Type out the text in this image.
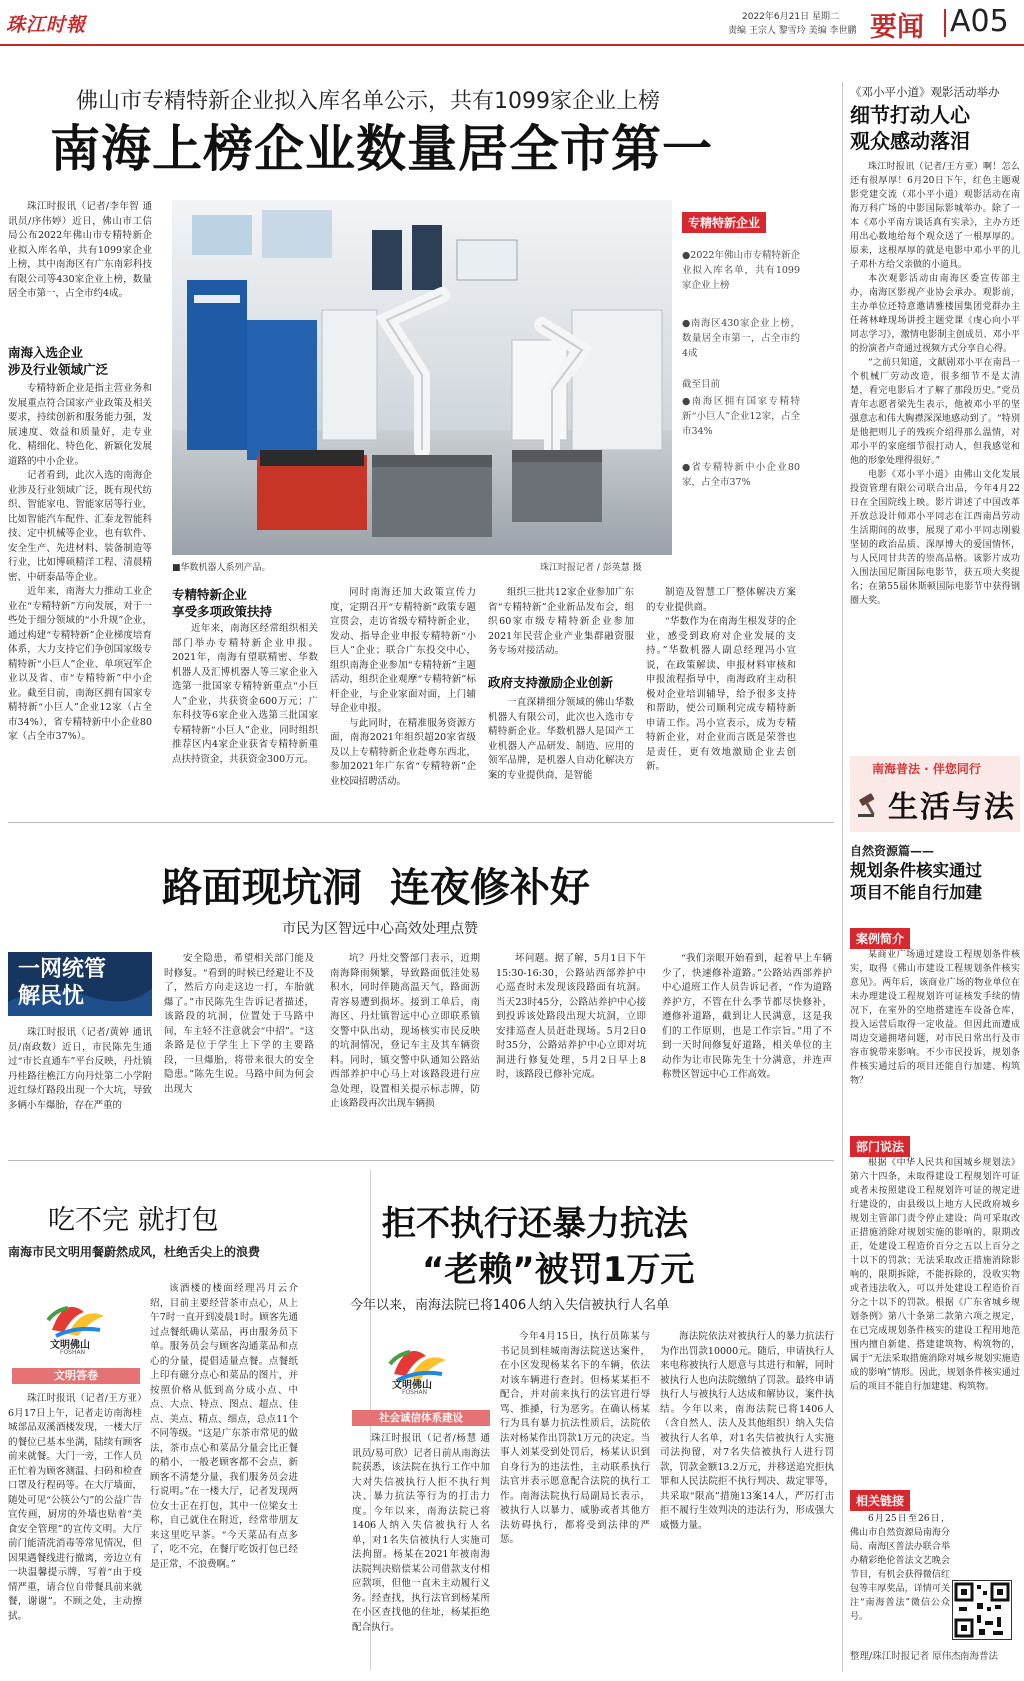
珠江时報	2022年6月21日 星期二
责编 王宗人 黎雪玲 美编 李世鹏 要闻 A05
佛山市专精特新企业拟入库名单公示，共有1099家企业上榜
南海上榜企业数量居全市第一

珠江时报讯（记者/李年智 通讯员/序伟婷）近日，佛山市工信局公布2022年佛山市专精特新企业拟入库名单，共有1099家企业上榜，其中南海区有广东南彩科技有限公司等430家企业上榜，数量居全市第一，占全市约4成。

南海入选企业
涉及行业领域广泛

专精特新企业是指主营业务和发展重点符合国家产业政策及相关要求，持续创新和服务能力强，发展速度、效益和质量好，走专业化、精细化、特色化、新颖化发展道路的中小企业。

记者看到，此次入选的南海企业涉及行业领域广泛，既有现代纺织、智能家电、智能家居等行业，比如智能汽车配件、汇泰龙智能科技、定中机械等企业，也有软件、安全生产、先进材料、装备制造等行业，比如博硕精洋工程、清晨精密、中研泰晶等企业。

近年来，南海大力推动工业企业在“专精特新”方向发展，对于一些处于细分领域的“小升规”企业，通过构建“专精特新”企业梯度培育体系，大力支持它们争创国家级专精特新“小巨人”企业、单项冠军企业以及省、市“专精特新”中小企业。截至目前，南海区拥有国家专精特新“小巨人”企业12家（占全市34%），省专精特新中小企业80家（占全市37%）。

■华数机器人系列产品。	珠江时报记者 / 彭英慧 摄
专精特新企业
●2022年佛山市专精特新企业拟入库名单，共有1099家企业上榜
●南海区430家企业上榜，数量居全市第一，占全市约4成
截至目前
●南海区拥有国家专精特新“小巨人”企业12家，占全市34%
●省专精特新中小企业80家，占全市37%
专精特新企业
享受多项政策扶持

近年来，南海区经常组织相关部门举办专精特新企业申报。2021年，南海有望联精密、华数机器人及汇博机器人等三家企业入选第一批国家专精特新重点“小巨人”企业，共获资金600万元；广东科技等6家企业入选第三批国家专精特新“小巨人”企业，同时组织推荐区内4家企业获省专精特新重点扶持资金，共获资金300万元。

同时南海还加大政策宣传力度，定期召开“专精特新”政策专题宣贯会，走访省级专精特新企业，发动、指导企业申报专精特新“小巨人”企业；联合广东投交中心，组织南海企业参加“专精特新”主题活动，组织企业观摩“专精特新”标杆企业，与企业家面对面，上门辅导企业申报。

与此同时，在精准服务资源方面，南海2021年组织超20家省级及以上专精特新企业赴粤东西北，参加2021年广东省“专精特新”企业校园招聘活动。

组织三批共12家企业参加广东省“专精特新”企业新品发布会，组织60家市级专精特新企业参加2021年民营企业产业集群融资服务专场对接活动。

政府支持激励企业创新

一直深耕细分领域的佛山华数机器人有限公司，此次也入选市专精特新企业。华数机器人是国产工业机器人产品研发、制造、应用的领军品牌，是机器人自动化解决方案的专业提供商，是智能

制造及智慧工厂整体解决方案的专业提供商。

“华数作为在南海生根发芽的企业，感受到政府对企业发展的支持。”华数机器人副总经理冯小宣说，在政策解读、申报材料审核和申报流程指导中，南海政府主动积极对企业培训辅导，给予很多支持和帮助，使公司顺利完成专精特新申请工作。冯小宣表示，成为专精特新企业，对企业而言既是荣誉也是责任，更有效地激励企业去创新。

《邓小平小道》观影活动举办
细节打动人心
观众感动落泪

珠江时报讯（记者/王方亚）啊！怎么还有很厚厚！6月20日下午，红色主题观影党建交流（邓小平小道）观影活动在南海万科广场的中影国际影城举办。除了一本《邓小平南方谈话真有实录》，主办方还用出心数地给每个观众送了一根厚厚的。原来，这根厚厚的就是电影中邓小平的儿子邓朴方给父亲做的小道具。

本次观影活动由南海区委宣传部主办，南海区影视产业协会承办。观影前，主办单位还特意邀请雅楼国集团党群办主任蒋林峰现场讲授主题党课《虔心向小平同志学习》，激情电影制主创成员、邓小平的扮演者卢奇通过视频方式分享自心得。

“之前只知道，文献剧邓小平在南昌一个机械厂劳动改造，很多细节不是太清楚，看完电影后才了解了那段历史。”党员青年志愿者梁先生表示，他被邓小平的坚强意志和伟大胸襟深深地感动到了。“特别是他把则儿子的残疾介绍得那么温情，对邓小平的家庭细节很打动人，但我感觉和他的形象处理得很好。”

电影《邓小平小道》由佛山文化发展投资管理有限公司联合出品，今年4月22日在全国院线上映。影片讲述了中国改革开放总设计师邓小平同志在江西南昌劳动生活期间的故事，展现了邓小平同志刚毅坚韧的政治品质、深厚博大的爱国情怀，与人民同甘共苦的崇高品格。该影片成功入围法国尼斯国际电影节，获五项大奖提名；在第55届休斯顿国际电影节中获得钢圈大奖。

南海普法 · 伴您同行
生活与法
自然资源篇——
规划条件核实通过
项目不能自行加建
案例简介

某商业广场通过建设工程规划条件核实，取得《佛山市建设工程规划条件核实意见》。两年后，该商业广场的物业单位在未办理建设工程规划许可证核发手续的情况下，在室外的空地搭建连车设备仓库，投入运营后取得一定收益。但因此而遭成周边交通拥堵问题，对市民日常出行及市容市貌带来影响。不少市民投诉，规划条件核实通过后的项目还能自行加建、构筑物？

部门说法

根据《中华人民共和国城乡规划法》第六十四条，未取得建设工程规划许可证或者未按照建设工程规划许可证的规定进行建设的，由县级以上地方人民政府城乡规划主管部门责令停止建设；尚可采取改正措施消除对规划实施的影响的，限期改正，处建设工程造价百分之五以上百分之十以下的罚款；无法采取改正措施消除影响的，限期拆除，不能拆除的，没收实物或者违法收入，可以并处建设工程造价百分之十以下的罚款。根据《广东省城乡规划条例》第八十条第二款第六项之规定，在已完成规划条件核实的建设工程用地范围内擅自新建、搭建建筑物、构筑物的，属于“无法采取措施消除对城乡规划实施造成的影响”情形。因此，规划条件核实通过后的项目不能自行加建建、构筑物。

相关链接

6月25日至26日，佛山市自然资源局南海分局、南海区普法办联合举办精彩绝伦普法文艺晚会节目，有机会获得微信红包等丰厚奖品，详情可关注“南海普法”微信公众号。

整理/珠江时报记者 原伟杰 南海普法
路面现坑洞  连夜修补好
市民为区智远中心高效处理点赞
一网统管
解民忧

珠江时报讯（记者/黄婷 通讯员/南政数）近日，市民陈先生通过“市长直通车”平台反映，丹灶镇丹桂路往樵江方向丹灶第二小学附近红绿灯路段出现一个大坑，导致多辆小车爆胎，存在严重的

安全隐患，希望相关部门能及时修复。“看到的时候已经避让不及了，然后方向走这边一打，车胎就爆了。”市民陈先生告诉记者描述，该路段的坑洞，位置处于马路中间，车主轻不注意就会“中招”。“这条路是位于学生上下学的主要路段，一旦爆胎，将带来很大的安全隐患。”陈先生说。马路中间为何会出现大

坑？丹灶交警部门表示，近期南海降雨频繁，导致路面低洼处易积水，同时伴随高温天气，路面沥青容易遭到损坏。接到工单后，南海区、丹灶镇智远中心立即联系镇交警中队出动，现场核实市民反映的坑洞情况，登记车主及其车辆资料。同时，镇交警中队通知公路站西部养护中心马上对该路段进行应急处理，设置相关提示标志牌，防止该路段再次出现车辆损

坏问题。据了解，5月1日下午15:30-16:30，公路站西部养护中心巡查时未发现该段路面有坑洞。当天23时45分，公路站养护中心接到投诉该处路段出现大坑洞，立即安排巡查人员赶赴现场。5月2日0时35分，公路站养护中心立即对坑洞进行修复处理，5月2日早上8时，该路段已修补完成。

“我们亲眼开始看到，起着早上车辆少了，快速修补道路。”公路站西部养护中心道班工作人员告诉记者，“作为道路养护方，不管在什么季节都尽快修补，遵修补道路，截到让人民满意，这是我们的工作原则，也是工作宗旨。”用了不到一天时间修复好道路，相关单位的主动作为让市民陈先生十分满意，并连声称赞区智远中心工作高效。

吃不完 就打包
南海市民文明用餐蔚然成风，杜绝舌尖上的浪费
文明佛山
FOSHAN
文明答卷

珠江时报讯（记者/王方亚）6月17日上午，记者走访南海桂城部品双溪酒楼发现，一楼大厅的餐位已基本坐满，陆续有顾客前来就餐。大门一旁，工作人员正忙着为顾客测温、扫码和检查口罩及行程码等。在大厅墙面，随处可见“公筷公勺”的公益广告宣传画，厨房的外墙也贴着“美食安全管理”的宣传文明。大厅前门能清洗消毒等常见情况，但因果遇餐线进行撤离，旁边立有一块温馨提示牌，写着“由于疫情严重，请合位自带餐具前来就餐，谢谢”。不顾之处，主动擦拭。

该酒楼的楼面经理冯月云介绍，目前主要经营茶市点心，从上午7时一直开到凌晨1时。顾客先通过点餐纸确认菜品，再由服务员下单。服务员会与顾客沟通菜品和点心的分量，提倡适量点餐。点餐纸上印有磁分点心和菜品的图片，并按照价格从低到高分成小点、中点、大点、特点、图点、超点、佳点、美点、精点、细点，总点11个不同等级。“这是广东茶市常见的做法，茶市点心和菜品分量会比正餐的稍小，一般老顾客都不会点，新顾客不清楚分量，我们服务员会进行说明。”在一楼大厅，记者发现两位女士正在打包，其中一位梁女士称，自己就住在附近，经常带朋友来这里吃早茶。“今天菜品有点多了，吃不完，在餐厅吃饭打包已经是正常，不浪费啊。”

拒不执行还暴力抗法
“老赖”被罚1万元
今年以来，南海法院已将1406人纳入失信被执行人名单
文明佛山
FOSHAN
社会诚信体系建设

珠江时报讯（记者/杨慧 通讯员/易可欣）记者日前从南海法院获悉，该法院在执行工作中加大对失信被执行人拒不执行判决、暴力抗法等行为的打击力度。今年以来，南海法院已将1406人纳入失信被执行人名单，对1名失信被执行人实施司法拘留。杨某在2021年被南海法院判决赔偿某公司借款支付相应款项，但他一直未主动履行义务。经查找，执行法官到杨某所在小区查找他的住址，杨某拒绝配合执行。

今年4月15日，执行员陈某与书记员到桂城南海法院送达案件，在小区发现杨某名下的车辆，依法对该车辆进行查封。但杨某某拒不配合，并对前来执行的法官进行辱骂、推搡，行为恶劣。在确认杨某行为具有暴力抗法性质后，法院依法对杨某作出罚款1万元的决定。当事人刘某受到处罚后，杨某认识到自身行为的违法性，主动联系执行法官并表示愿意配合法院的执行工作。南海法院执行局副局长表示，被执行人以暴力、威胁或者其他方法妨碍执行，都将受到法律的严惩。

海法院依法对被执行人的暴力抗法行为作出罚款10000元。随后，申请执行人来电称被执行人愿意与其进行和解，同时被执行人也向法院缴纳了罚款。最终申请执行人与被执行人达成和解协议，案件执结。今年以来，南海法院已将1406人（含自然人、法人及其他组织）纳入失信被执行人名单，对1名失信被执行人实施司法拘留，对7名失信被执行人进行罚款，罚款金额13.2万元，并移送追究拒执罪和人民法院拒不执行判决、裁定罪等，共采取“限高”措施13案14人，严厉打击拒不履行生效判决的违法行为，形成强大威慑力量。
